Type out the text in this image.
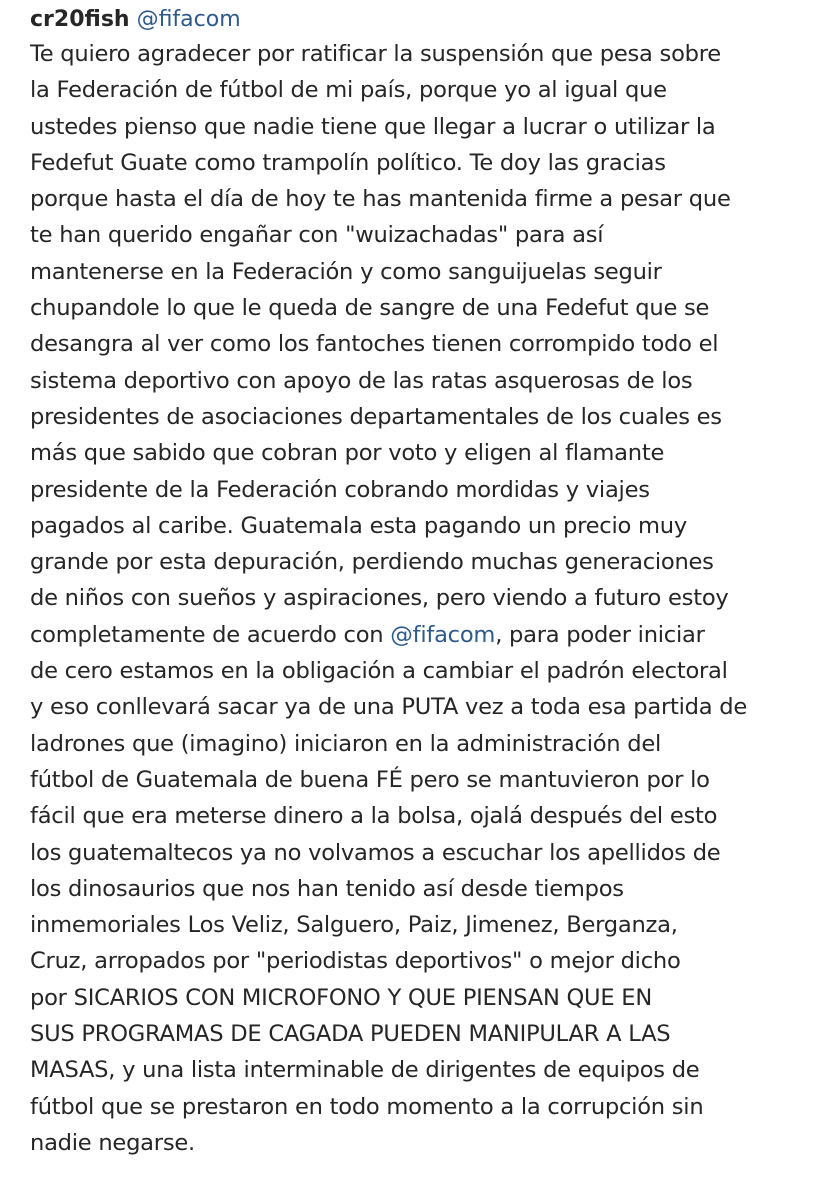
cr20fish @fifacom

Te quiero agradecer por ratificar la suspensión que pesa sobre
la Federación de fútbol de mi país, porque yo al igual que
ustedes pienso que nadie tiene que llegar a lucrar o utilizar la
Fedefut Guate como trampolín político. Te doy las gracias
porque hasta el día de hoy te has mantenida firme a pesar que
te han querido engañar con "wuizachadas" para así
mantenerse en la Federación y como sanguijuelas seguir
chupandole lo que le queda de sangre de una Fedefut que se
desangra al ver como los fantoches tienen corrompido todo el
sistema deportivo con apoyo de las ratas asquerosas de los
presidentes de asociaciones departamentales de los cuales es
más que sabido que cobran por voto y eligen al flamante
presidente de la Federación cobrando mordidas y viajes
pagados al caribe. Guatemala esta pagando un precio muy
grande por esta depuración, perdiendo muchas generaciones
de niños con sueños y aspiraciones, pero viendo a futuro estoy
completamente de acuerdo con @fifacom, para poder iniciar
de cero estamos en la obligación a cambiar el padrón electoral
y eso conllevará sacar ya de una PUTA vez a toda esa partida de
ladrones que (imagino) iniciaron en la administración del
fútbol de Guatemala de buena FÉ pero se mantuvieron por lo
fácil que era meterse dinero a la bolsa, ojalá después del esto
los guatemaltecos ya no volvamos a escuchar los apellidos de
los dinosaurios que nos han tenido así desde tiempos
inmemoriales Los Veliz, Salguero, Paiz, Jimenez, Berganza,
Cruz, arropados por "periodistas deportivos" o mejor dicho
por SICARIOS CON MICROFONO Y QUE PIENSAN QUE EN
SUS PROGRAMAS DE CAGADA PUEDEN MANIPULAR A LAS
MASAS, y una lista interminable de dirigentes de equipos de
fútbol que se prestaron en todo momento a la corrupción sin
nadie negarse.
